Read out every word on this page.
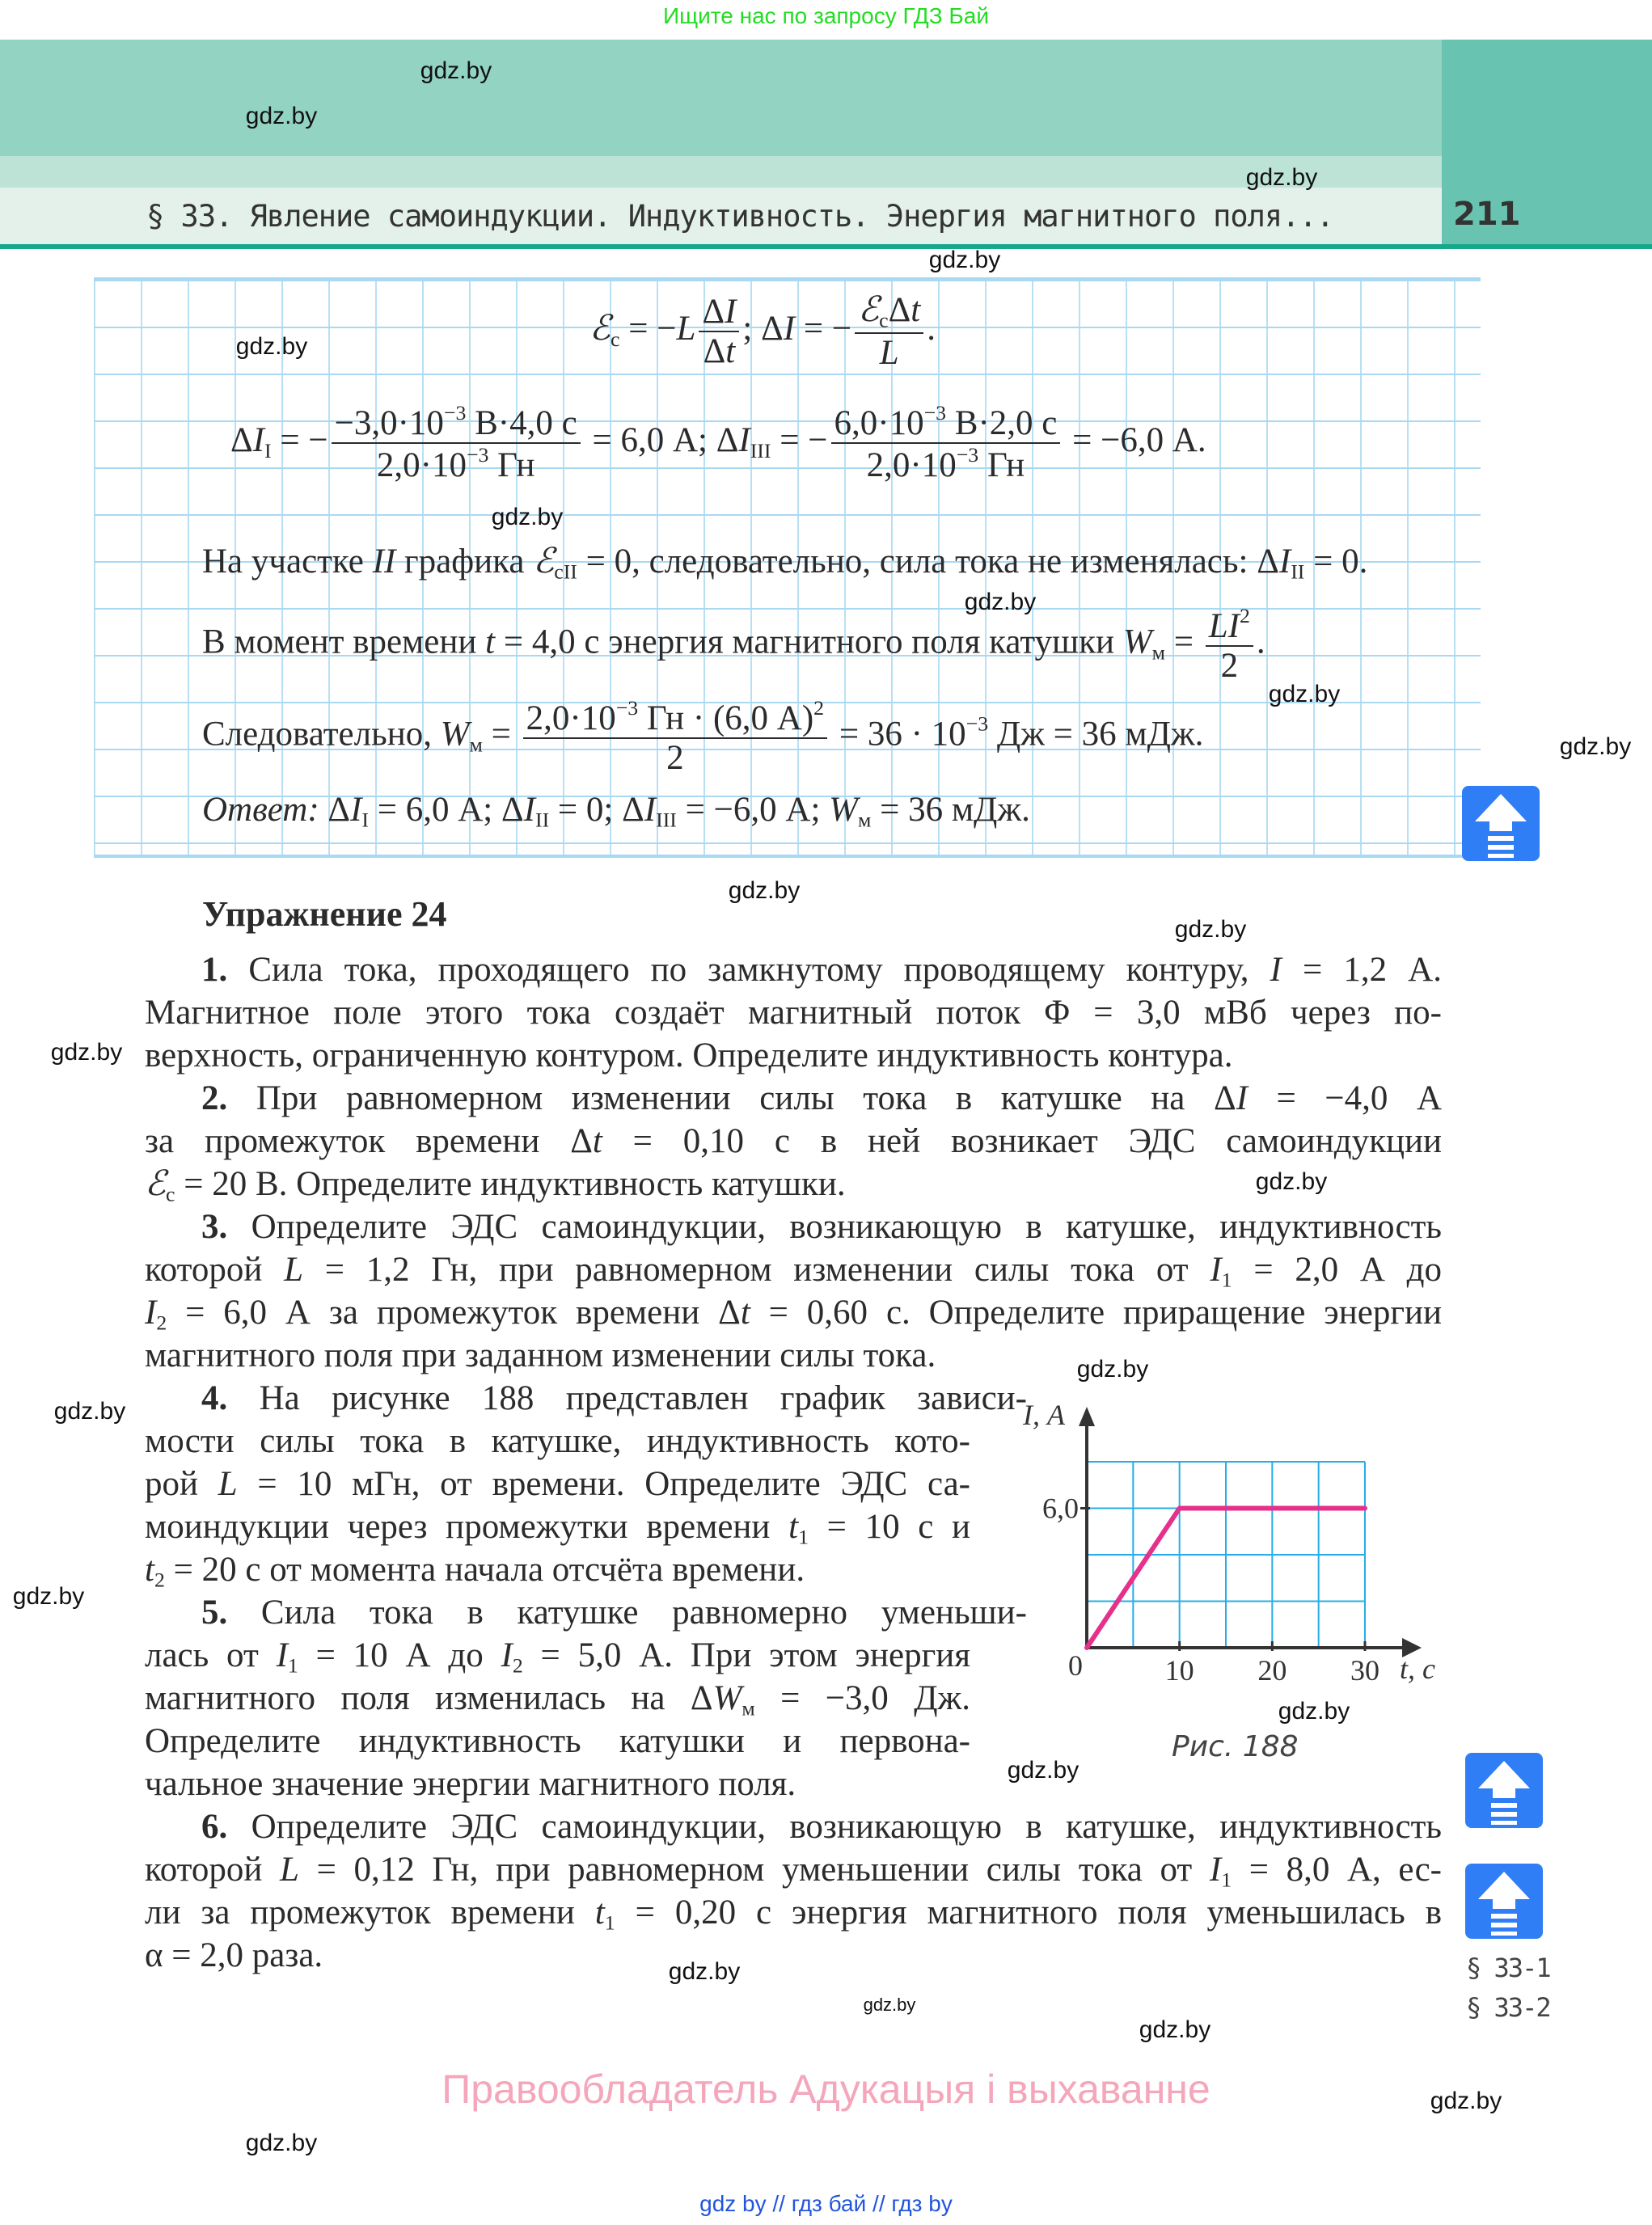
Ищите нас по запросу ГДЗ Бай
§ 33. Явление самоиндукции. Индуктивность. Энергия магнитного поля...	211
ℰ$_с$ = $-L \frac{\Delta I}{\Delta t}$ ; ΔI = − $\frac{ℰ_с\Delta t}{L}$ .
$\Delta I_I$ = − $\frac{-3,0\cdot 10^{-3} В\cdot 4,0 с}{2,0\cdot 10^{-3} Гн} = 6,0$ А; $\Delta I_{III}$ = − $\frac{6,0\cdot 10^{-3} В\cdot 2,0 с}{2,0\cdot 10^{-3} Гн} = -6,0$ А.
На участке II графика ℰ$_{сII}$ = 0, следовательно, сила тока не изменялась: $\Delta I_{II} = 0$.
В момент времени t = 4,0 с энергия магнитного поля катушки $W_м = \frac{LI^2}{2}$ .
Следовательно, $W_м = \frac{2,0\cdot 10^{-3} Гн \cdot (6,0 А)^2}{2} = 36 \cdot 10^{-3}$ Дж = 36 мДж.
Ответ: $\Delta I_I = 6,0$ А; $\Delta I_{II} = 0$; $\Delta I_{III} = -6,0$ А; $W_м = 36$ мДж.
Упражнение 24
1. Сила тока, проходящего по замкнутому проводящему контуру, I = 1,2 А.
Магнитное поле этого тока создаёт магнитный поток Φ = 3,0 мВб через по-
верхность, ограниченную контуром. Определите индуктивность контура.
2. При равномерном изменении силы тока в катушке на ΔI = −4,0 А
за промежуток времени Δt = 0,10 с в ней возникает ЭДС самоиндукции
ℰ$_с$ = 20 В. Определите индуктивность катушки.
3. Определите ЭДС самоиндукции, возникающую в катушке, индуктивность
которой L = 1,2 Гн, при равномерном изменении силы тока от $I_1 = 2,0$ А до
$I_2 = 6,0$ А за промежуток времени Δt = 0,60 с. Определите приращение энергии
магнитного поля при заданном изменении силы тока.
4. На рисунке 188 представлен график зависи-
мости силы тока в катушке, индуктивность кото-
рой L = 10 мГн, от времени. Определите ЭДС са-
моиндукции через промежутки времени $t_1 = 10$ с и
$t_2 = 20$ с от момента начала отсчёта времени.
5. Сила тока в катушке равномерно уменьши-
лась от $I_1 = 10$ А до $I_2 = 5,0$ А. При этом энергия
магнитного поля изменилась на $\Delta W_м = -3,0$ Дж.
Определите индуктивность катушки и первона-
чальное значение энергии магнитного поля.
6. Определите ЭДС самоиндукции, возникающую в катушке, индуктивность
которой L = 0,12 Гн, при равномерном уменьшении силы тока от $I_1 = 8,0$ А, ес-
ли за промежуток времени $t_1 = 0,20$ с энергия магнитного поля уменьшилась в
α = 2,0 раза.
0	10 20 30
6,0
I, А
t, с
Рис. 188
§ 33-1
§ 33-2
Правообладатель Адукацыя і выхаванне
gdz by // гдз бай // гдз by
gdz.by
gdz.by
gdz.by
gdz.by
gdz.by
gdz.by
gdz.by
gdz.by
gdz.by
gdz.by
gdz.by
gdz.by
gdz.by
gdz.by
gdz.by
gdz.by
gdz.by
gdz.by
gdz.by
gdz.by
gdz.by
gdz.by
gdz.by
